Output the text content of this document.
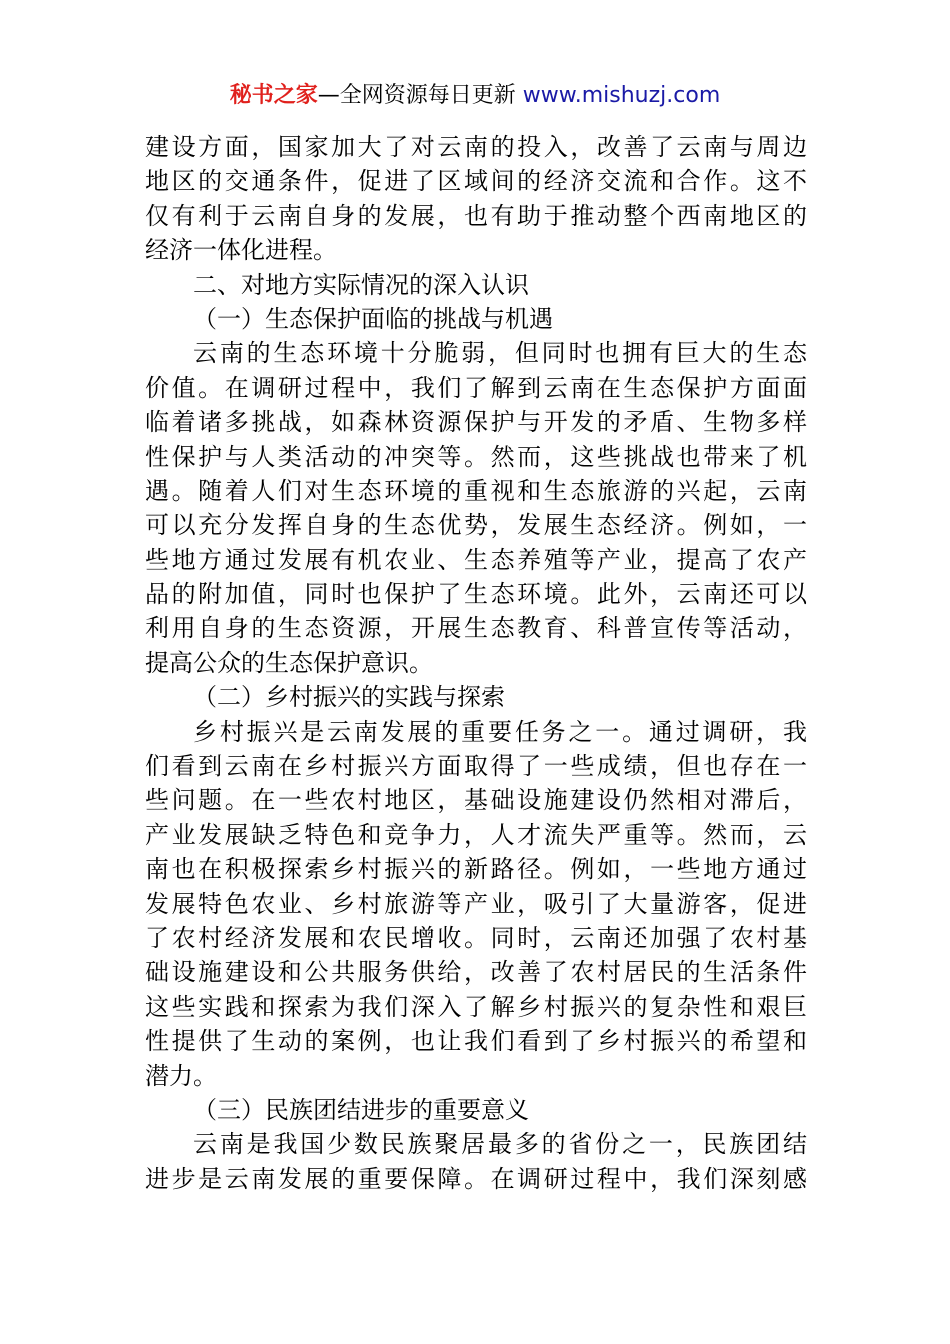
秘书之家—全网资源每日更新 www.mishuzj.com
建设方面，国家加大了对云南的投入，改善了云南与周边
地区的交通条件，促进了区域间的经济交流和合作。这不
仅有利于云南自身的发展，也有助于推动整个西南地区的
经济一体化进程。
二、对地方实际情况的深入认识
（一）生态保护面临的挑战与机遇
云南的生态环境十分脆弱，但同时也拥有巨大的生态
价值。在调研过程中，我们了解到云南在生态保护方面面
临着诸多挑战，如森林资源保护与开发的矛盾、生物多样
性保护与人类活动的冲突等。然而，这些挑战也带来了机
遇。随着人们对生态环境的重视和生态旅游的兴起，云南
可以充分发挥自身的生态优势，发展生态经济。例如，一
些地方通过发展有机农业、生态养殖等产业，提高了农产
品的附加值，同时也保护了生态环境。此外，云南还可以
利用自身的生态资源，开展生态教育、科普宣传等活动，
提高公众的生态保护意识。
（二）乡村振兴的实践与探索
乡村振兴是云南发展的重要任务之一。通过调研，我
们看到云南在乡村振兴方面取得了一些成绩，但也存在一
些问题。在一些农村地区，基础设施建设仍然相对滞后，
产业发展缺乏特色和竞争力，人才流失严重等。然而，云
南也在积极探索乡村振兴的新路径。例如，一些地方通过
发展特色农业、乡村旅游等产业，吸引了大量游客，促进
了农村经济发展和农民增收。同时，云南还加强了农村基
础设施建设和公共服务供给，改善了农村居民的生活条件
这些实践和探索为我们深入了解乡村振兴的复杂性和艰巨
性提供了生动的案例，也让我们看到了乡村振兴的希望和
潜力。
（三）民族团结进步的重要意义
云南是我国少数民族聚居最多的省份之一，民族团结
进步是云南发展的重要保障。在调研过程中，我们深刻感
